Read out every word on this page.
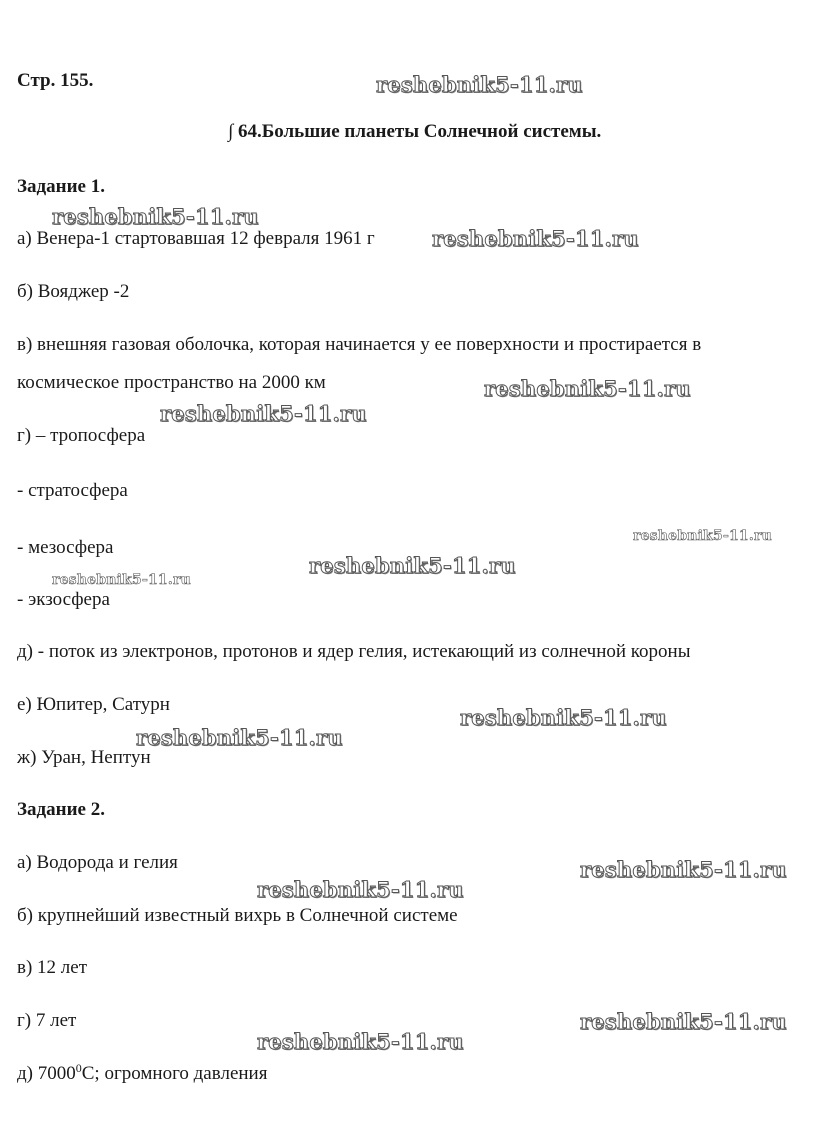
Стр. 155.
∫ 64.Большие планеты Солнечной системы.
Задание 1.
а) Венера-1 стартовавшая 12 февраля 1961 г
б) Вояджер -2
в) внешняя газовая оболочка, которая начинается у ее поверхности и простирается в
космическое пространство на 2000 км
г) – тропосфера
- стратосфера
- мезосфера
- экзосфера
д) - поток из электронов, протонов и ядер гелия, истекающий из солнечной короны
е) Юпитер, Сатурн
ж) Уран, Нептун
Задание 2.
а) Водорода и гелия
б) крупнейший известный вихрь в Солнечной системе
в) 12 лет
г) 7 лет
д) 7000$^0$С; огромного давления
reshebnik5-11.ru
reshebnik5-11.ru
reshebnik5-11.ru
reshebnik5-11.ru
reshebnik5-11.ru
reshebnik5-11.ru
reshebnik5-11.ru
reshebnik5-11.ru
reshebnik5-11.ru
reshebnik5-11.ru
reshebnik5-11.ru
reshebnik5-11.ru
reshebnik5-11.ru
reshebnik5-11.ru
